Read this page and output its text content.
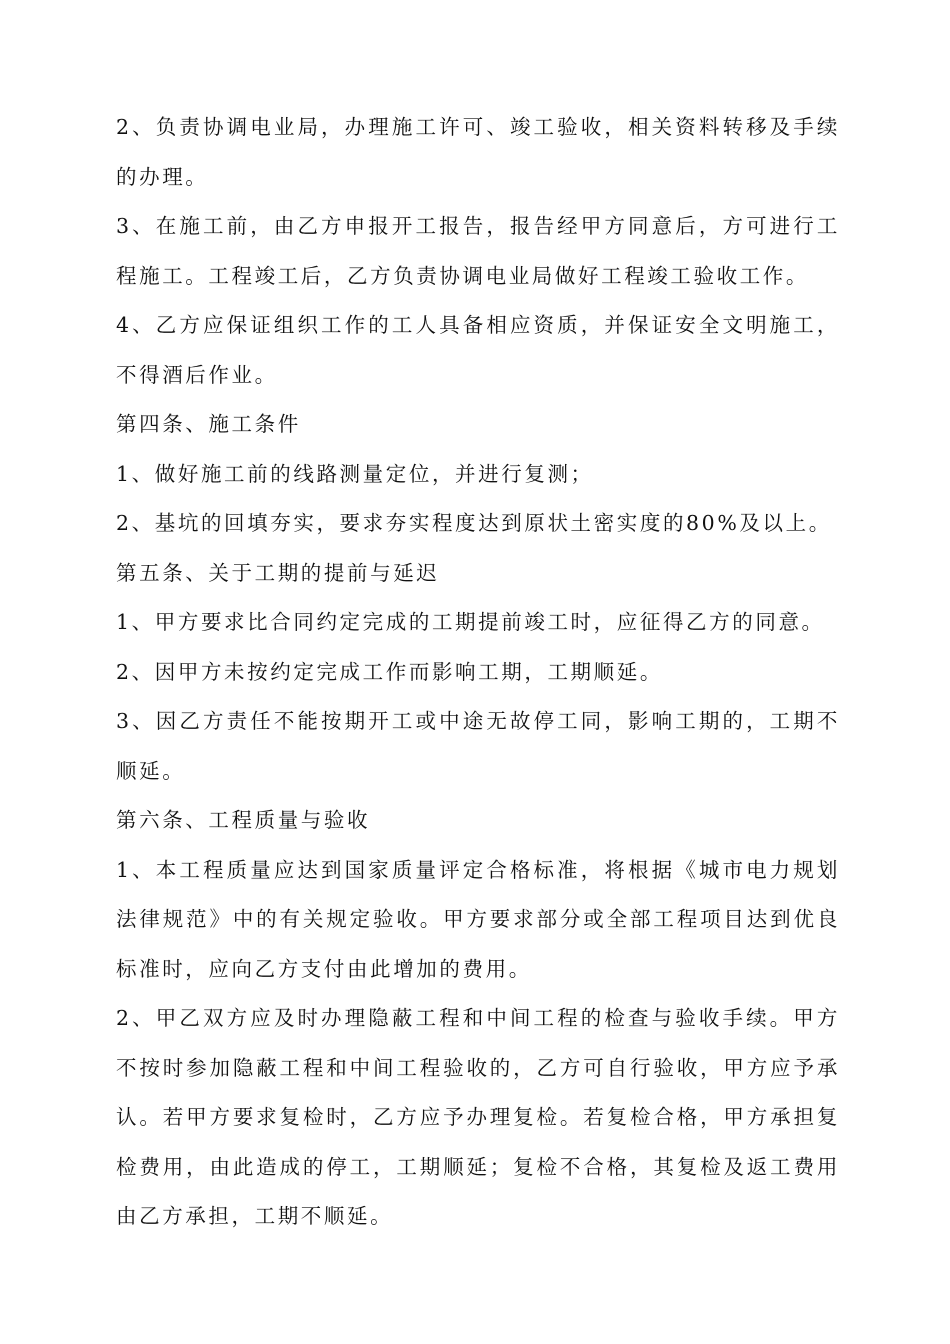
2、负责协调电业局，办理施工许可、竣工验收，相关资料转移及手续的办理。

3、在施工前，由乙方申报开工报告，报告经甲方同意后，方可进行工程施工。工程竣工后，乙方负责协调电业局做好工程竣工验收工作。

4、乙方应保证组织工作的工人具备相应资质，并保证安全文明施工，不得酒后作业。

第四条、施工条件

1、做好施工前的线路测量定位，并进行复测；

2、基坑的回填夯实，要求夯实程度达到原状土密实度的80%及以上。

第五条、关于工期的提前与延迟

1、甲方要求比合同约定完成的工期提前竣工时，应征得乙方的同意。

2、因甲方未按约定完成工作而影响工期，工期顺延。

3、因乙方责任不能按期开工或中途无故停工同，影响工期的，工期不顺延。

第六条、工程质量与验收

1、本工程质量应达到国家质量评定合格标准，将根据《城市电力规划法律规范》中的有关规定验收。甲方要求部分或全部工程项目达到优良标准时，应向乙方支付由此增加的费用。

2、甲乙双方应及时办理隐蔽工程和中间工程的检查与验收手续。甲方不按时参加隐蔽工程和中间工程验收的，乙方可自行验收，甲方应予承认。若甲方要求复检时，乙方应予办理复检。若复检合格，甲方承担复检费用，由此造成的停工，工期顺延；复检不合格，其复检及返工费用由乙方承担，工期不顺延。
